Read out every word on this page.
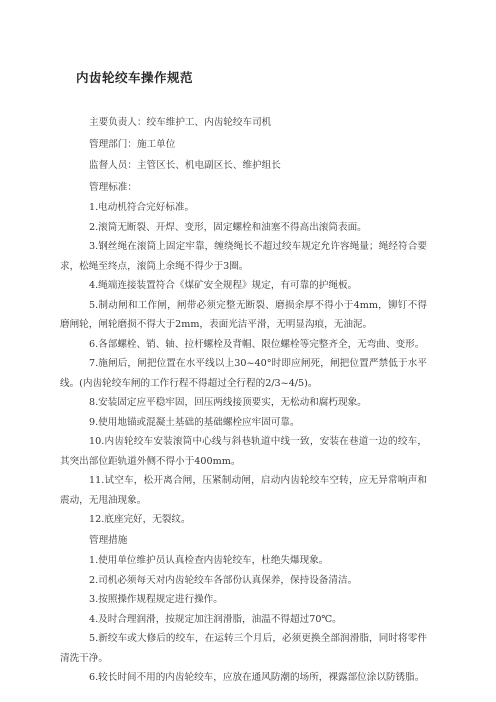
内齿轮绞车操作规范
主要负责人：绞车维护工、内齿轮绞车司机
管理部门：施工单位
监督人员：主管区长、机电副区长、维护组长
管理标准：

1.电动机符合完好标准。

2.滚筒无断裂、开焊、变形，固定螺栓和油塞不得高出滚筒表面。

3.钢丝绳在滚筒上固定牢靠，缠绕绳长不超过绞车规定允许容绳量；绳经符合要求，松绳至终点，滚筒上余绳不得少于3圈。

4.绳端连接装置符合《煤矿安全规程》规定，有可靠的护绳板。

5.制动闸和工作闸，闸带必须完整无断裂、磨损余厚不得小于4mm，铆钉不得磨闸轮，闸轮磨损不得大于2mm，表面光洁平滑，无明显沟痕，无油泥。

6.各部螺栓、销、轴、拉杆螺栓及背帽、限位螺栓等完整齐全，无弯曲、变形。

7.施闸后，闸把位置在水平线以上30~40°时即应闸死，闸把位置严禁低于水平线。(内齿轮绞车闸的工作行程不得超过全行程的2/3~4/5)。

8.安装固定应平稳牢固，回压两线接顶要实，无松动和腐朽现象。

9.使用地锚或混凝土基础的基础螺栓应牢固可靠。

10.内齿轮绞车安装滚筒中心线与斜巷轨道中线一致，安装在巷道一边的绞车，其突出部位距轨道外侧不得小于400mm。

11.试空车，松开离合闸，压紧制动闸，启动内齿轮绞车空转，应无异常响声和震动，无甩油现象。

12.底座完好，无裂纹。

管理措施

1.使用单位维护员认真检查内齿轮绞车，杜绝失爆现象。

2.司机必须每天对内齿轮绞车各部份认真保养，保持设备清洁。

3.按照操作规程规定进行操作。

4.及时合理润滑，按规定加注润滑脂，油温不得超过70℃。

5.新绞车或大修后的绞车，在运转三个月后，必须更换全部润滑脂，同时将零件清洗干净。

6.较长时间不用的内齿轮绞车，应放在通风防潮的场所，裸露部位涂以防锈脂。
